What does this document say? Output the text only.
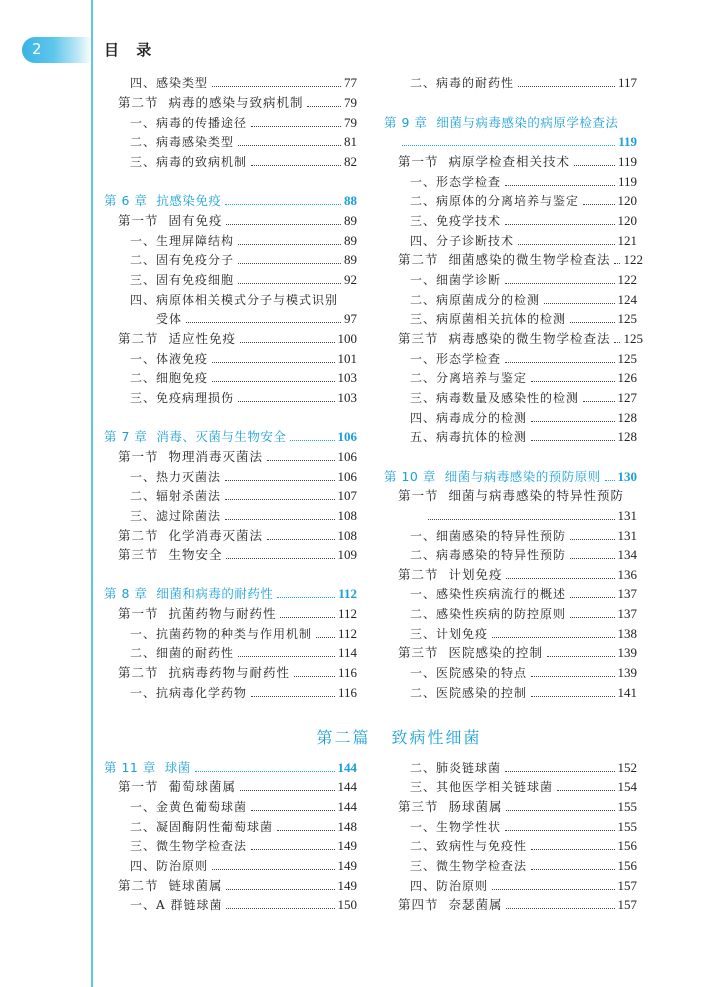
2	目 录
四、感染类型	77
第二节  病毒的感染与致病机制	79
一、病毒的传播途径	79
二、病毒感染类型	81
三、病毒的致病机制	82
第 6 章  抗感染免疫	88
第一节  固有免疫	89
一、生理屏障结构	89
二、固有免疫分子	89
三、固有免疫细胞	92
四、病原体相关模式分子与模式识别
受体	97
第二节  适应性免疫	100
一、体液免疫	101
二、细胞免疫	103
三、免疫病理损伤	103
第 7 章  消毒、灭菌与生物安全	106
第一节  物理消毒灭菌法	106
一、热力灭菌法	106
二、辐射杀菌法	107
三、滤过除菌法	108
第二节  化学消毒灭菌法	108
第三节  生物安全	109
第 8 章  细菌和病毒的耐药性	112
第一节  抗菌药物与耐药性	112
一、抗菌药物的种类与作用机制 112
二、细菌的耐药性	114
第二节  抗病毒药物与耐药性	116
一、抗病毒化学药物	116
二、病毒的耐药性	117
第 9 章  细菌与病毒感染的病原学检查法
119
第一节  病原学检查相关技术	119
一、形态学检查	119
二、病原体的分离培养与鉴定	120
三、免疫学技术	120
四、分子诊断技术	121
第二节  细菌感染的微生物学检查法 122
一、细菌学诊断	122
二、病原菌成分的检测	124
三、病原菌相关抗体的检测	125
第三节  病毒感染的微生物学检查法 125
一、形态学检查	125
二、分离培养与鉴定	126
三、病毒数量及感染性的检测	127
四、病毒成分的检测	128
五、病毒抗体的检测	128
第 10 章  细菌与病毒感染的预防原则 130
第一节  细菌与病毒感染的特异性预防
131
一、细菌感染的特异性预防	131
二、病毒感染的特异性预防	134
第二节  计划免疫	136
一、感染性疾病流行的概述	137
二、感染性疾病的防控原则	137
三、计划免疫	138
第三节  医院感染的控制	139
一、医院感染的特点	139
二、医院感染的控制	141
第 11 章  球菌	144
第一节  葡萄球菌属	144
一、金黄色葡萄球菌	144
二、凝固酶阴性葡萄球菌	148
三、微生物学检查法	149
四、防治原则	149
第二节  链球菌属	149
一、A 群链球菌	150
二、肺炎链球菌	152
三、其他医学相关链球菌	154
第三节  肠球菌属	155
一、生物学性状	155
二、致病性与免疫性	156
三、微生物学检查法	156
四、防治原则	157
第四节  奈瑟菌属	157
第二篇 致病性细菌
